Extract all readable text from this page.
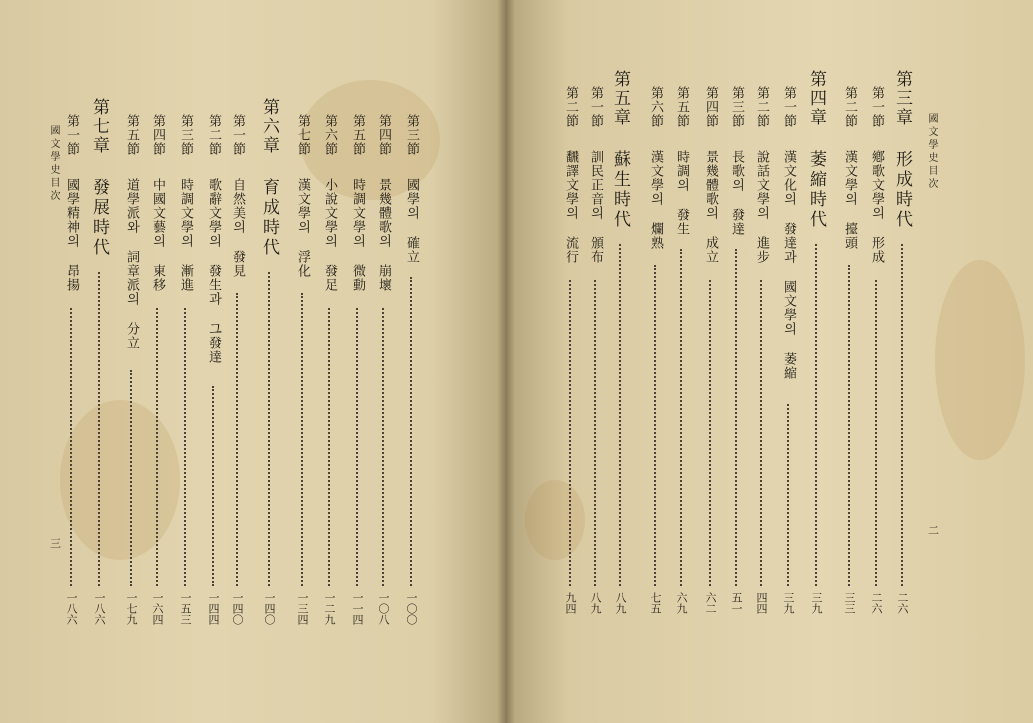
國文學史目次
三
第三節
國學의 確立
一〇〇
第四節
景幾體歌의 崩壞
一〇八
第五節
時調文學의 微動
一一四
第六節
小說文學의 發足
一二九
第七節
漢文學의 浮化
一三四
第六章
育成時代
一四〇
第一節
自然美의 發見
一四〇
第二節
歌辭文學의 發生과 그發達
一四四
第三節
時調文學의 漸進
一五三
第四節
中國文藝의 東移
一六四
第五節
道學派와 詞章派의 分立
一七九
第七章
發展時代
一八六
第一節
國學精神의 昂揚
一八六
國文學史目次
二
第三章
形成時代
二六
第一節
鄕歌文學의 形成
二六
第二節
漢文學의 擡頭
三三
第四章
萎縮時代
三九
第一節
漢文化의 發達과 國文學의 萎縮
三九
第二節
說話文學의 進步
四四
第三節
長歌의 發達
五一
第四節
景幾體歌의 成立
六二
第五節
時調의 發生
六九
第六節
漢文學의 爛熟
七五
第五章
蘇生時代
八九
第一節
訓民正音의 頒布
八九
第二節
飜譯文學의 流行
九四
